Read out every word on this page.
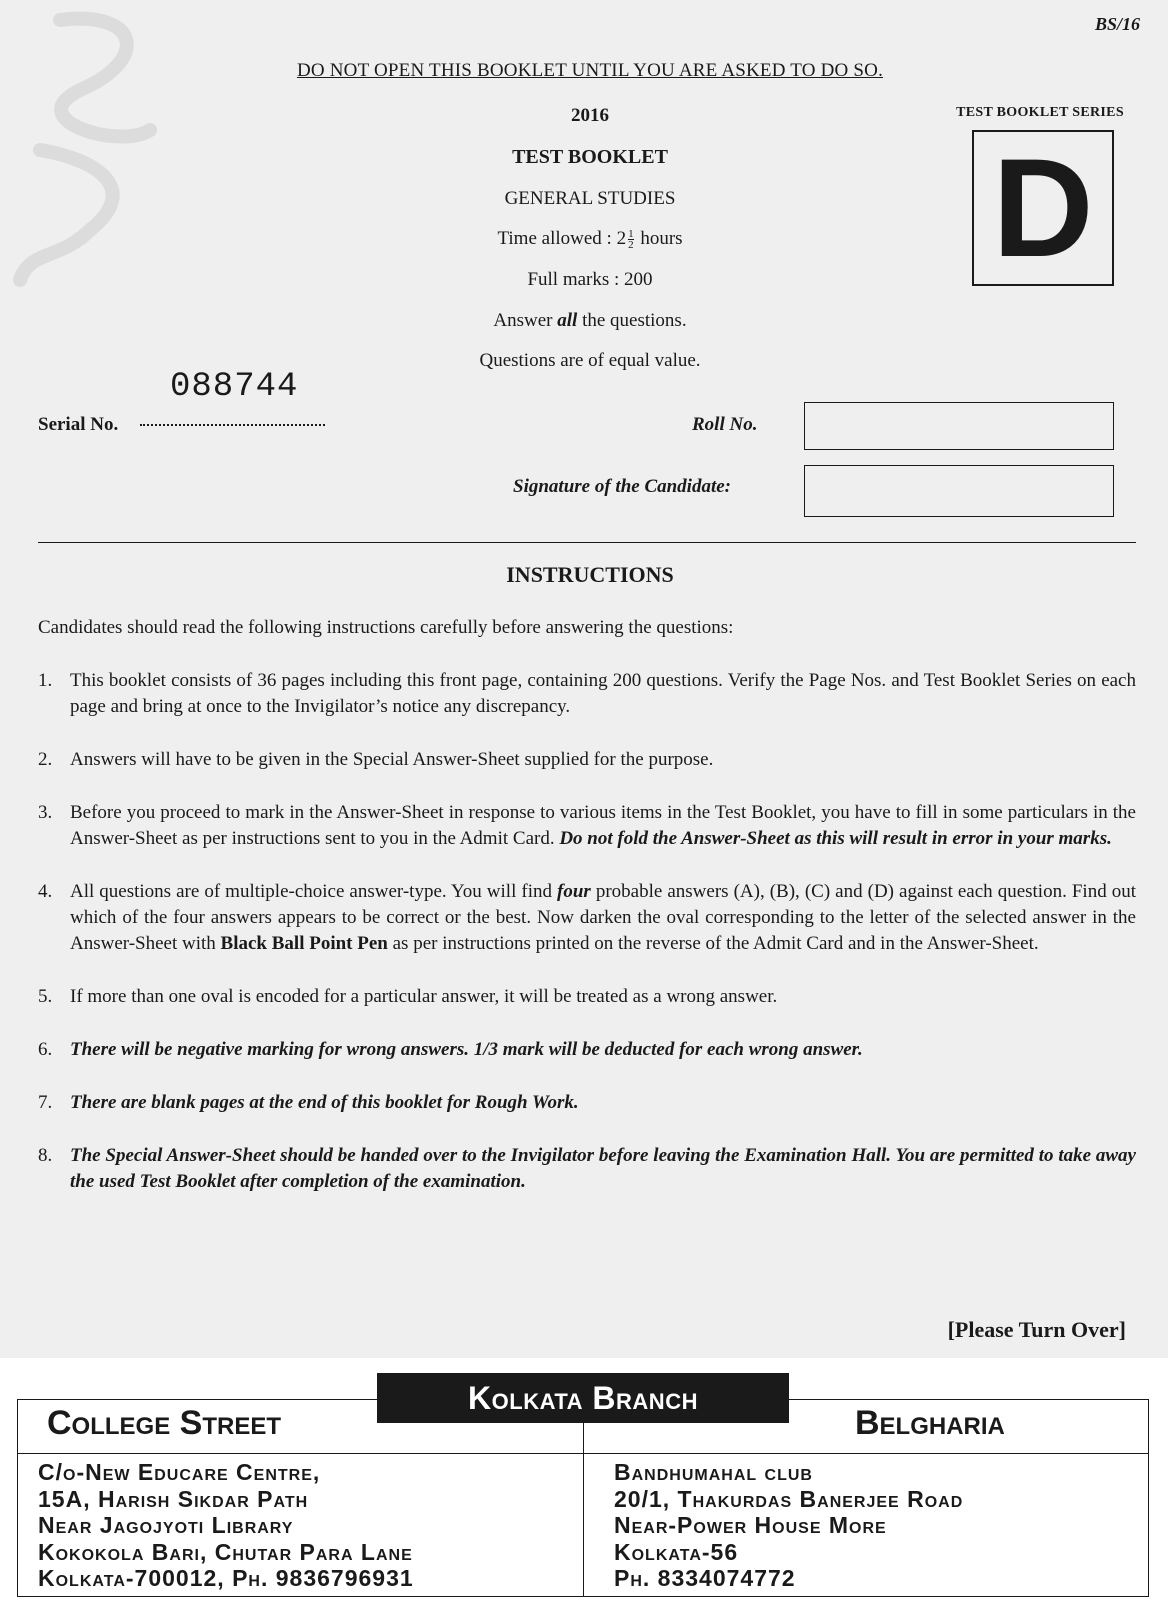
BS/16
DO NOT OPEN THIS BOOKLET UNTIL YOU ARE ASKED TO DO SO.
2016
TEST BOOKLET
GENERAL STUDIES
Time allowed : $2 \frac{1}{2}$ hours
Full marks : 200
Answer all the questions.
Questions are of equal value.
TEST BOOKLET SERIES
D
088744
Serial No.	Roll No.
Signature of the Candidate:
INSTRUCTIONS
Candidates should read the following instructions carefully before answering the questions:
1. This booklet consists of 36 pages including this front page, containing 200 questions. Verify the Page Nos. and Test Booklet Series on each page and bring at once to the Invigilator’s notice any discrepancy.
2. Answers will have to be given in the Special Answer-Sheet supplied for the purpose.
3. Before you proceed to mark in the Answer-Sheet in response to various items in the Test Booklet, you have to fill in some particulars in the Answer-Sheet as per instructions sent to you in the Admit Card. Do not fold the Answer-Sheet as this will result in error in your marks.
4. All questions are of multiple-choice answer-type. You will find four probable answers (A), (B), (C) and (D) against each question. Find out which of the four answers appears to be correct or the best. Now darken the oval corresponding to the letter of the selected answer in the Answer-Sheet with Black Ball Point Pen as per instructions printed on the reverse of the Admit Card and in the Answer-Sheet.
5. If more than one oval is encoded for a particular answer, it will be treated as a wrong answer.
6. There will be negative marking for wrong answers. 1/3 mark will be deducted for each wrong answer.
7. There are blank pages at the end of this booklet for Rough Work.
8. The Special Answer-Sheet should be handed over to the Invigilator before leaving the Examination Hall. You are permitted to take away the used Test Booklet after completion of the examination.
[Please Turn Over]
Kolkata Branch
College Street	Belgharia
C/o-New Educare Centre,
15A, Harish Sikdar Path
Near Jagojyoti Library
Kokokola Bari, Chutar Para Lane
Kolkata-700012, Ph. 9836796931
Bandhumahal club
20/1, Thakurdas Banerjee Road
Near-Power House More
Kolkata-56
Ph. 8334074772
